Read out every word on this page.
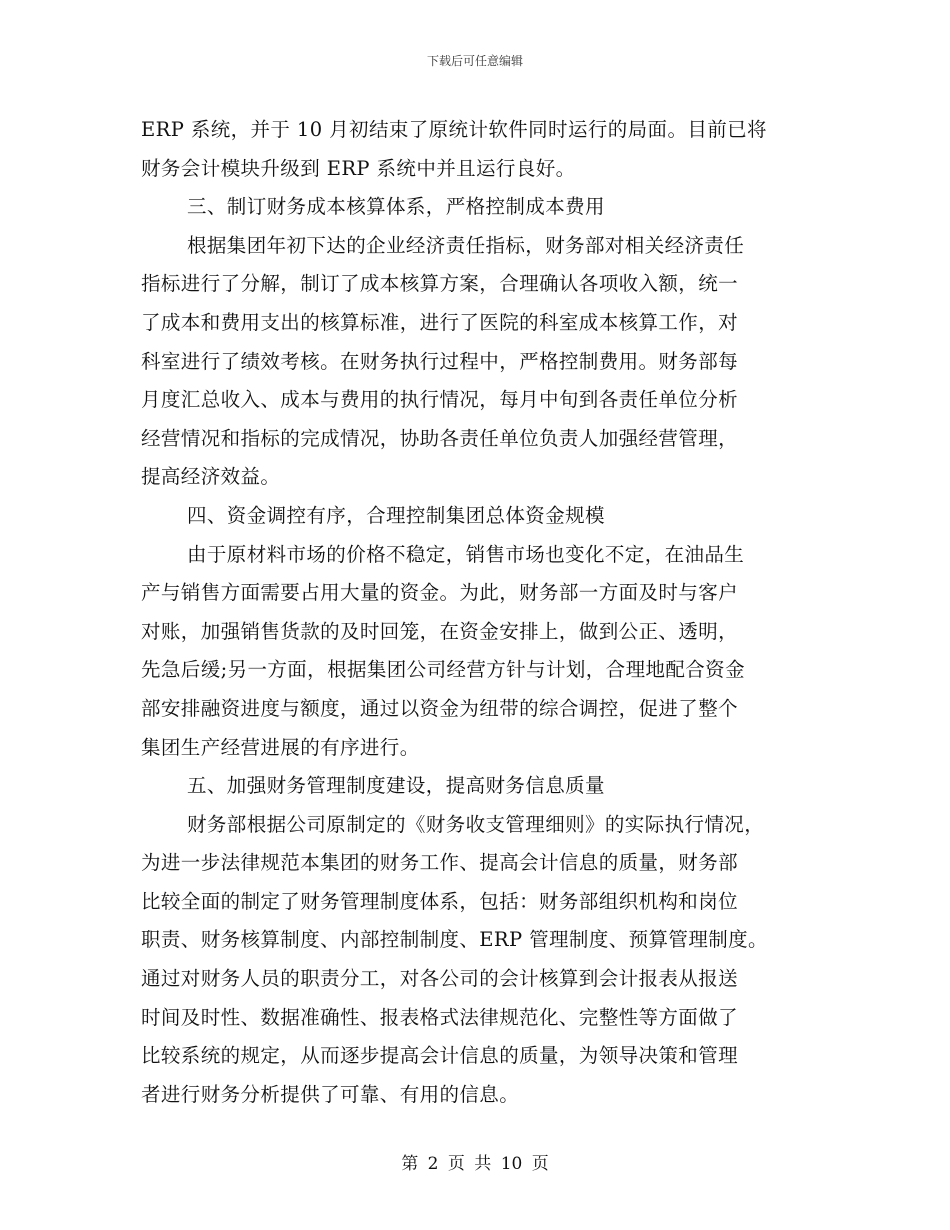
下载后可任意编辑
ERP 系统，并于 10 月初结束了原统计软件同时运行的局面。目前已将
财务会计模块升级到 ERP 系统中并且运行良好。
三、制订财务成本核算体系，严格控制成本费用
根据集团年初下达的企业经济责任指标，财务部对相关经济责任
指标进行了分解，制订了成本核算方案，合理确认各项收入额，统一
了成本和费用支出的核算标准，进行了医院的科室成本核算工作，对
科室进行了绩效考核。在财务执行过程中，严格控制费用。财务部每
月度汇总收入、成本与费用的执行情况，每月中旬到各责任单位分析
经营情况和指标的完成情况，协助各责任单位负责人加强经营管理，
提高经济效益。
四、资金调控有序，合理控制集团总体资金规模
由于原材料市场的价格不稳定，销售市场也变化不定，在油品生
产与销售方面需要占用大量的资金。为此，财务部一方面及时与客户
对账，加强销售货款的及时回笼，在资金安排上，做到公正、透明，
先急后缓;另一方面，根据集团公司经营方针与计划，合理地配合资金
部安排融资进度与额度，通过以资金为纽带的综合调控，促进了整个
集团生产经营进展的有序进行。
五、加强财务管理制度建设，提高财务信息质量
财务部根据公司原制定的《财务收支管理细则》的实际执行情况，
为进一步法律规范本集团的财务工作、提高会计信息的质量，财务部
比较全面的制定了财务管理制度体系，包括：财务部组织机构和岗位
职责、财务核算制度、内部控制制度、ERP 管理制度、预算管理制度。
通过对财务人员的职责分工，对各公司的会计核算到会计报表从报送
时间及时性、数据准确性、报表格式法律规范化、完整性等方面做了
比较系统的规定，从而逐步提高会计信息的质量，为领导决策和管理
者进行财务分析提供了可靠、有用的信息。
第 2 页 共 10 页
